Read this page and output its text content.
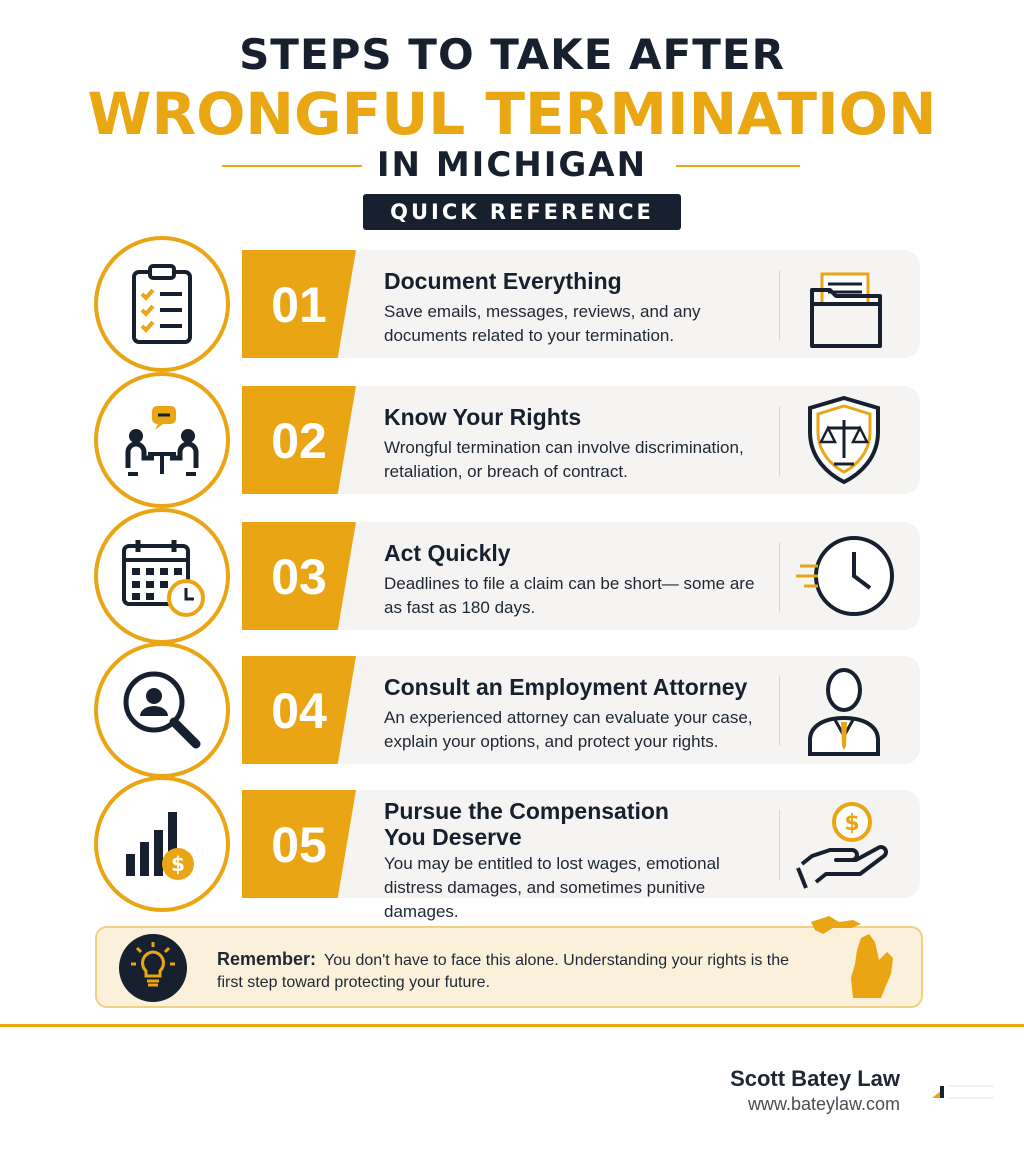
STEPS TO TAKE AFTER
WRONGFUL TERMINATION
IN MICHIGAN
QUICK REFERENCE
01	Document Everything
Save emails, messages, reviews, and any documents related to your termination.
02	Know Your Rights
Wrongful termination can involve discrimination, retaliation, or breach of contract.
03	Act Quickly
Deadlines to file a claim can be short— some are as fast as 180 days.
04	Consult an Employment Attorney
An experienced attorney can evaluate your case, explain your options, and protect your rights.
05
$
Pursue the Compensation You Deserve
You may be entitled to lost wages, emotional distress damages, and sometimes punitive damages.
$
Remember: You don't have to face this alone. Understanding your rights is the first step toward protecting your future.
Scott Batey Law
www.bateylaw.com
